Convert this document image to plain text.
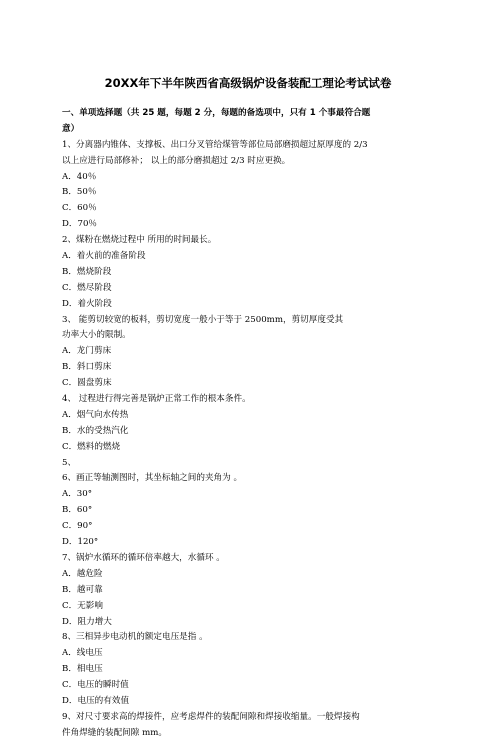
20XX年下半年陕西省高级锅炉设备装配工理论考试试卷
一、单项选择题（共 25 题，每题 2 分，每题的备选项中，只有 1 个事最符合题
意）
1、分离器内锥体、支撑板、出口分叉管给煤管等部位局部磨损超过原厚度的 2/3
以上应进行局部修补； 以上的部分磨损超过 2/3 时应更换。
A．40％
B．50％
C．60％
D．70％
2、煤粉在燃烧过程中 所用的时间最长。
A．着火前的准备阶段
B．燃烧阶段
C．燃尽阶段
D．着火阶段
3、 能剪切较宽的板料，剪切宽度一般小于等于 2500mm，剪切厚度受其
功率大小的限制。
A．龙门剪床
B．斜口剪床
C．圆盘剪床
4、 过程进行得完善是锅炉正常工作的根本条件。
A．烟气向水传热
B．水的受热汽化
C．燃料的燃烧
5、
6、画正等轴测图时，其坐标轴之间的夹角为 。
A．30°
B．60°
C．90°
D．120°
7、锅炉水循环的循环倍率越大，水循环 。
A．越危险
B．越可靠
C．无影响
D．阻力增大
8、三相异步电动机的额定电压是指 。
A．线电压
B．相电压
C．电压的瞬时值
D．电压的有效值
9、对尺寸要求高的焊接件，应考虑焊件的装配间隙和焊接收缩量。一般焊接构
件角焊缝的装配间隙 mm。
